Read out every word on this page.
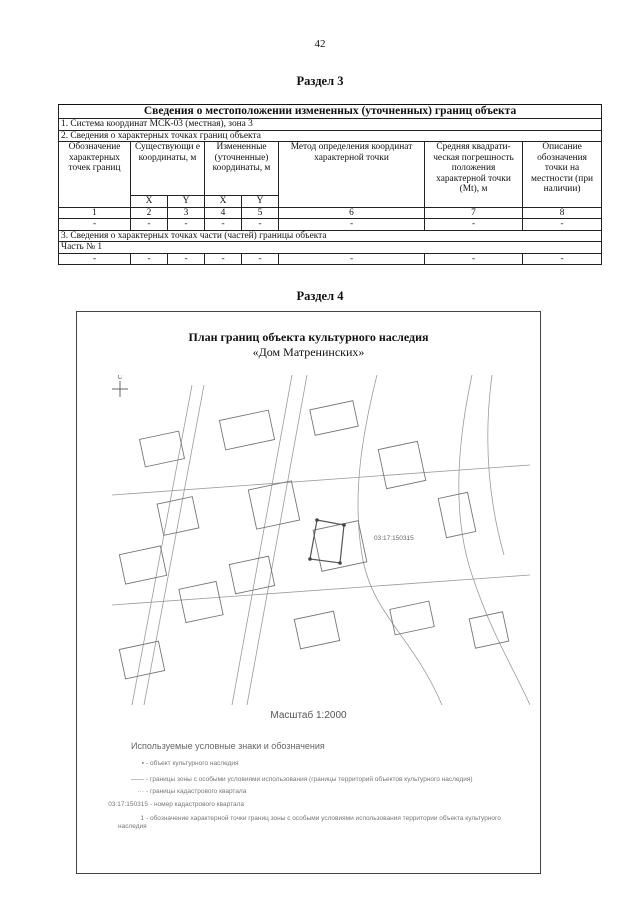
42
Раздел 3
Сведения о местоположении измененных (уточненных) границ объекта							
1. Система координат МСК-03 (местная), зона 3							
2. Сведения о характерных точках границ объекта							
Обозначение характерных точек границ	Существующи е координаты, м		Измененные (уточненные) координаты, м		Метод определения координат характерной точки	Средняя квадрати- ческая погрешность положения характерной точки (Mt), м	Описание обозначения точки на местности (при наличии)
	X	Y	X	Y			
1	2	3	4	5	6	7	8
-	-	-	-	-	-	-	-
3. Сведения о характерных точках части (частей) границы объекта							
Часть № 1							
-	-	-	-	-	-	-	-
Раздел 4
План границ объекта культурного наследия
«Дом Матренинских»
С
03:17:150315
Масштаб 1:2000
Используемые условные знаки и обозначения
▪ - объект культурного наследия
—— - границы зоны с особыми условиями использования (границы территорий объектов культурного наследия)
··· - границы кадастрового квартала
03:17:150315 - номер кадастрового квартала
1 - обозначение характерной точки границ зоны с особыми условиями использования территории объекта культурного наследия
